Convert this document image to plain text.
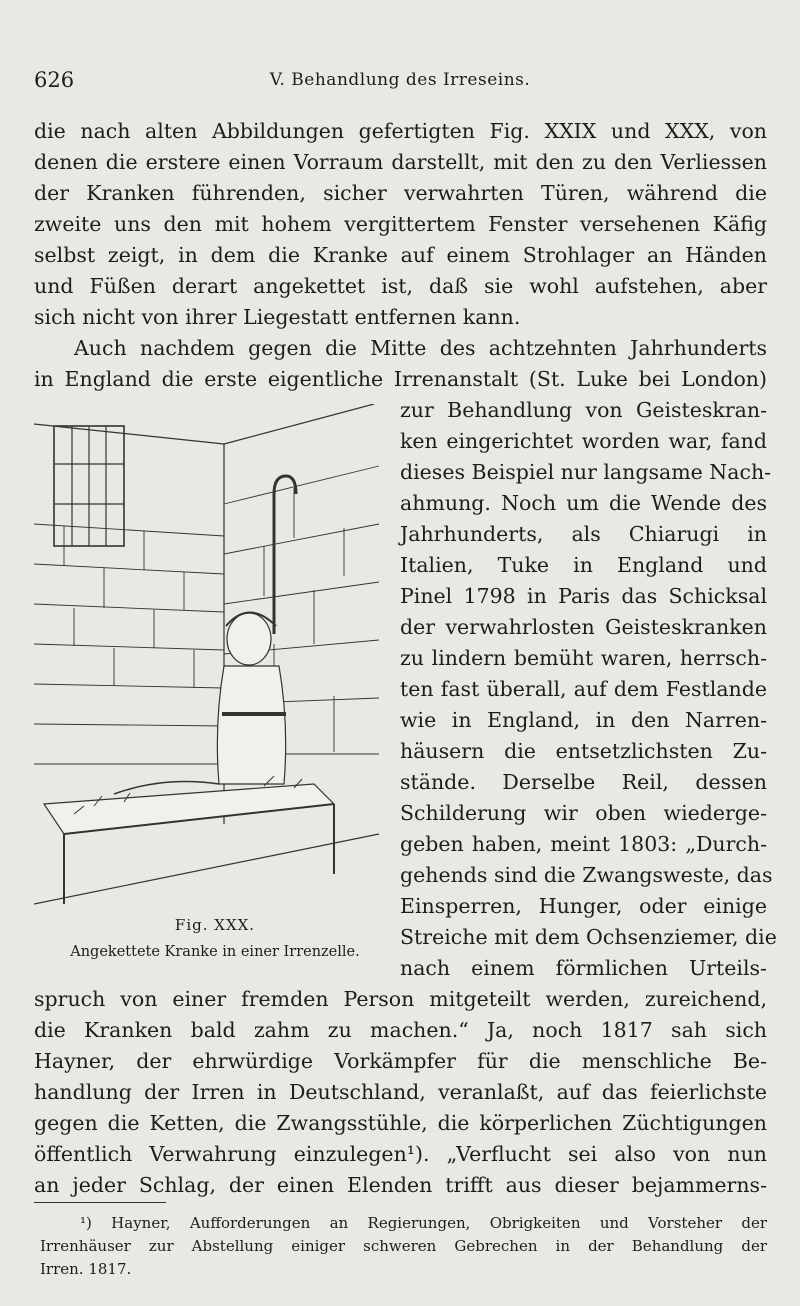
626	V. Behandlung des Irreseins.
die nach alten Abbildungen gefertigten Fig. XXIX und XXX, von
denen die erstere einen Vorraum darstellt, mit den zu den Verliessen
der Kranken führenden, sicher verwahrten Türen, während die
zweite uns den mit hohem vergittertem Fenster versehenen Käfig
selbst zeigt, in dem die Kranke auf einem Strohlager an Händen
und Füßen derart angekettet ist, daß sie wohl aufstehen, aber
sich nicht von ihrer Liegestatt entfernen kann.
Auch nachdem gegen die Mitte des achtzehnten Jahrhunderts
in England die erste eigentliche Irrenanstalt (St. Luke bei London)
Fig. XXX.
Angekettete Kranke in einer Irrenzelle.
zur Behandlung von Geisteskran-
ken eingerichtet worden war, fand
dieses Beispiel nur langsame Nach-
ahmung. Noch um die Wende des
Jahrhunderts, als Chiarugi in
Italien, Tuke in England und
Pinel 1798 in Paris das Schicksal
der verwahrlosten Geisteskranken
zu lindern bemüht waren, herrsch-
ten fast überall, auf dem Festlande
wie in England, in den Narren-
häusern die entsetzlichsten Zu-
stände. Derselbe Reil, dessen
Schilderung wir oben wiederge-
geben haben, meint 1803: „Durch-
gehends sind die Zwangsweste, das
Einsperren, Hunger, oder einige
Streiche mit dem Ochsenziemer, die
nach einem förmlichen Urteils-
spruch von einer fremden Person mitgeteilt werden, zureichend,
die Kranken bald zahm zu machen.“ Ja, noch 1817 sah sich
Hayner, der ehrwürdige Vorkämpfer für die menschliche Be-
handlung der Irren in Deutschland, veranlaßt, auf das feierlichste
gegen die Ketten, die Zwangsstühle, die körperlichen Züchtigungen
öffentlich Verwahrung einzulegen¹). „Verflucht sei also von nun
an jeder Schlag, der einen Elenden trifft aus dieser bejammerns-
¹) Hayner, Aufforderungen an Regierungen, Obrigkeiten und Vorsteher der
Irrenhäuser zur Abstellung einiger schweren Gebrechen in der Behandlung der
Irren. 1817.
